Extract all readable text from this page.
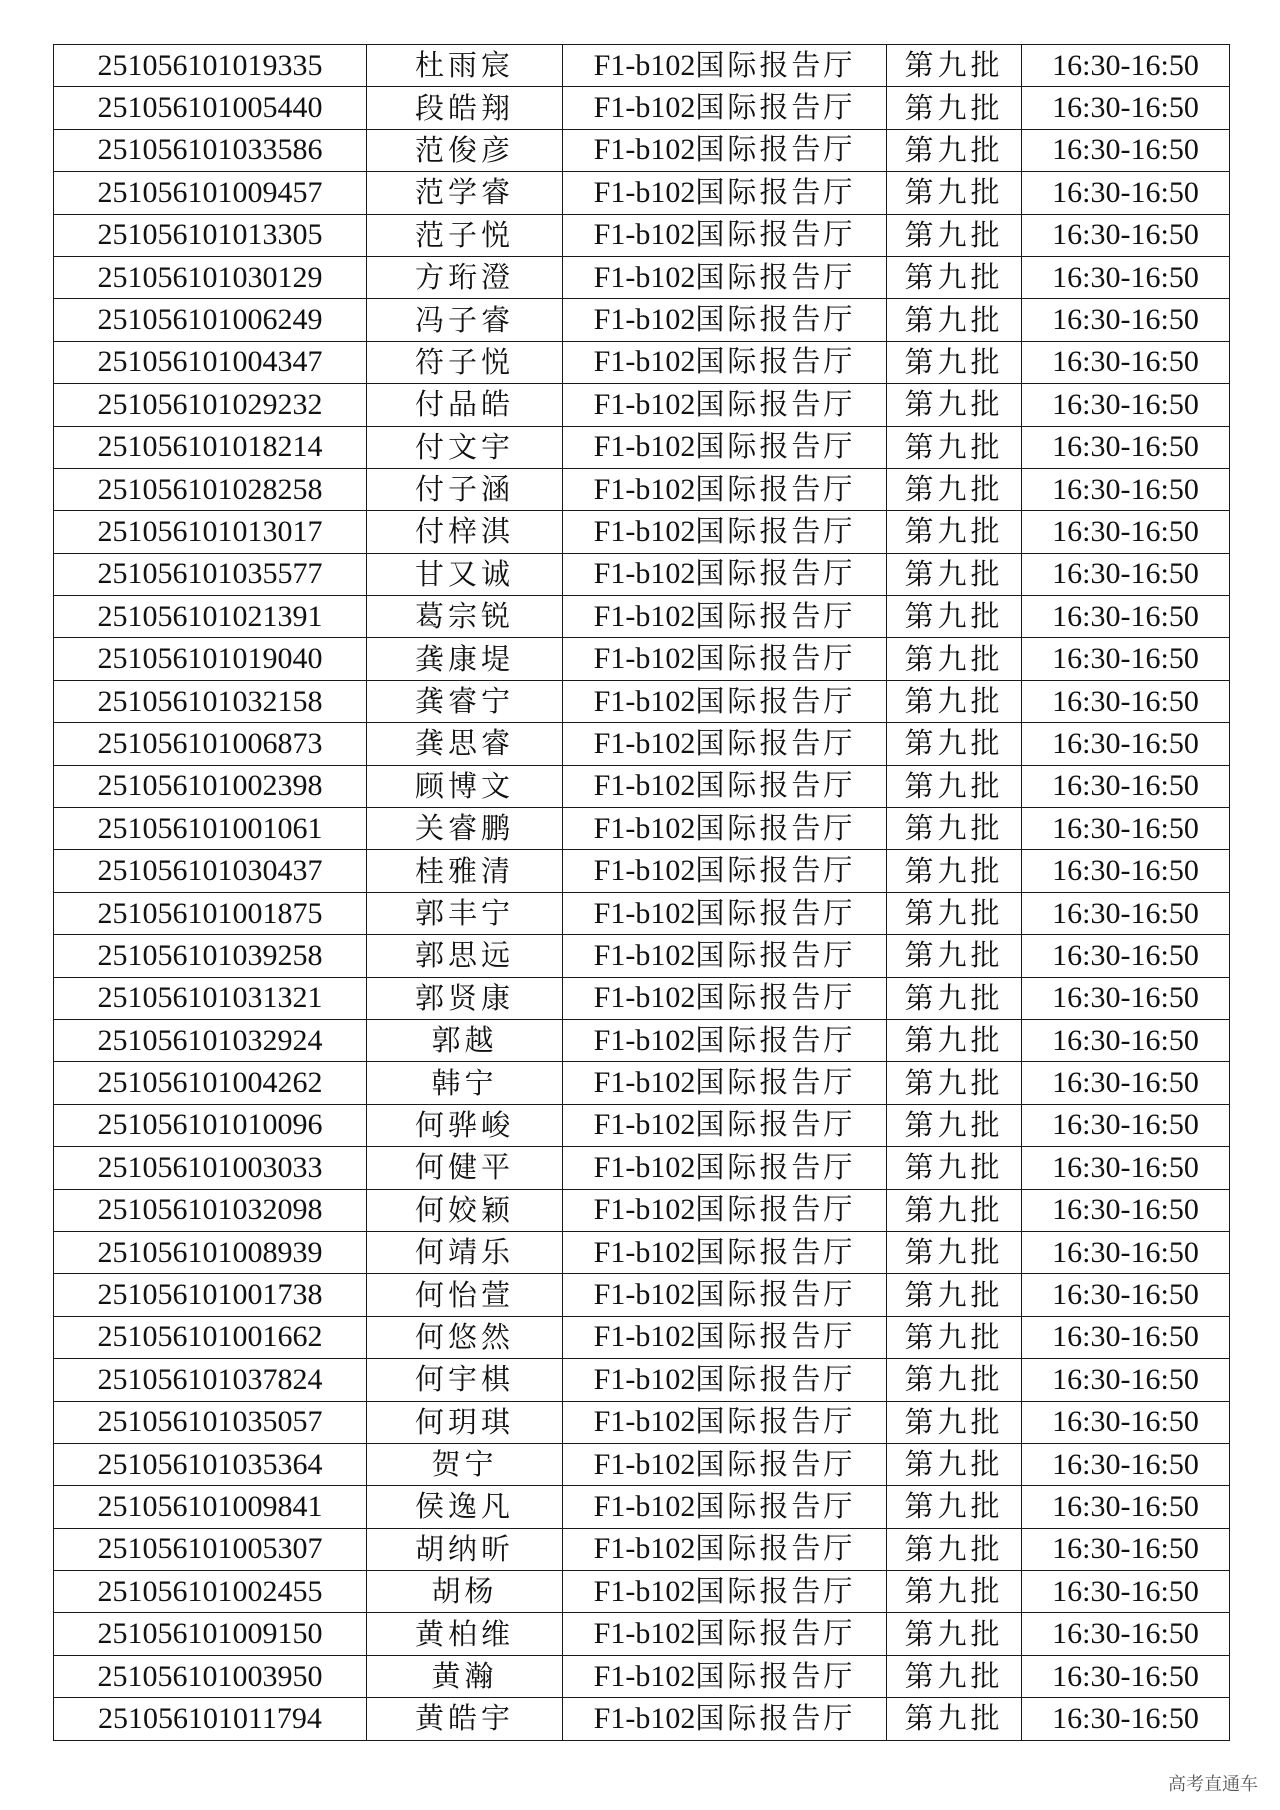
251056101019335	杜雨宸	F1-b102国际报告厅	第九批	16:30-16:50
251056101005440	段皓翔	F1-b102国际报告厅	第九批	16:30-16:50
251056101033586	范俊彦	F1-b102国际报告厅	第九批	16:30-16:50
251056101009457	范学睿	F1-b102国际报告厅	第九批	16:30-16:50
251056101013305	范子悦	F1-b102国际报告厅	第九批	16:30-16:50
251056101030129	方珩澄	F1-b102国际报告厅	第九批	16:30-16:50
251056101006249	冯子睿	F1-b102国际报告厅	第九批	16:30-16:50
251056101004347	符子悦	F1-b102国际报告厅	第九批	16:30-16:50
251056101029232	付品皓	F1-b102国际报告厅	第九批	16:30-16:50
251056101018214	付文宇	F1-b102国际报告厅	第九批	16:30-16:50
251056101028258	付子涵	F1-b102国际报告厅	第九批	16:30-16:50
251056101013017	付梓淇	F1-b102国际报告厅	第九批	16:30-16:50
251056101035577	甘又诚	F1-b102国际报告厅	第九批	16:30-16:50
251056101021391	葛宗锐	F1-b102国际报告厅	第九批	16:30-16:50
251056101019040	龚康堤	F1-b102国际报告厅	第九批	16:30-16:50
251056101032158	龚睿宁	F1-b102国际报告厅	第九批	16:30-16:50
251056101006873	龚思睿	F1-b102国际报告厅	第九批	16:30-16:50
251056101002398	顾博文	F1-b102国际报告厅	第九批	16:30-16:50
251056101001061	关睿鹏	F1-b102国际报告厅	第九批	16:30-16:50
251056101030437	桂雅清	F1-b102国际报告厅	第九批	16:30-16:50
251056101001875	郭丰宁	F1-b102国际报告厅	第九批	16:30-16:50
251056101039258	郭思远	F1-b102国际报告厅	第九批	16:30-16:50
251056101031321	郭贤康	F1-b102国际报告厅	第九批	16:30-16:50
251056101032924	郭越	F1-b102国际报告厅	第九批	16:30-16:50
251056101004262	韩宁	F1-b102国际报告厅	第九批	16:30-16:50
251056101010096	何骅峻	F1-b102国际报告厅	第九批	16:30-16:50
251056101003033	何健平	F1-b102国际报告厅	第九批	16:30-16:50
251056101032098	何姣颖	F1-b102国际报告厅	第九批	16:30-16:50
251056101008939	何靖乐	F1-b102国际报告厅	第九批	16:30-16:50
251056101001738	何怡萱	F1-b102国际报告厅	第九批	16:30-16:50
251056101001662	何悠然	F1-b102国际报告厅	第九批	16:30-16:50
251056101037824	何宇棋	F1-b102国际报告厅	第九批	16:30-16:50
251056101035057	何玥琪	F1-b102国际报告厅	第九批	16:30-16:50
251056101035364	贺宁	F1-b102国际报告厅	第九批	16:30-16:50
251056101009841	侯逸凡	F1-b102国际报告厅	第九批	16:30-16:50
251056101005307	胡纳昕	F1-b102国际报告厅	第九批	16:30-16:50
251056101002455	胡杨	F1-b102国际报告厅	第九批	16:30-16:50
251056101009150	黄柏维	F1-b102国际报告厅	第九批	16:30-16:50
251056101003950	黄瀚	F1-b102国际报告厅	第九批	16:30-16:50
251056101011794	黄皓宇	F1-b102国际报告厅	第九批	16:30-16:50
高考直通车
